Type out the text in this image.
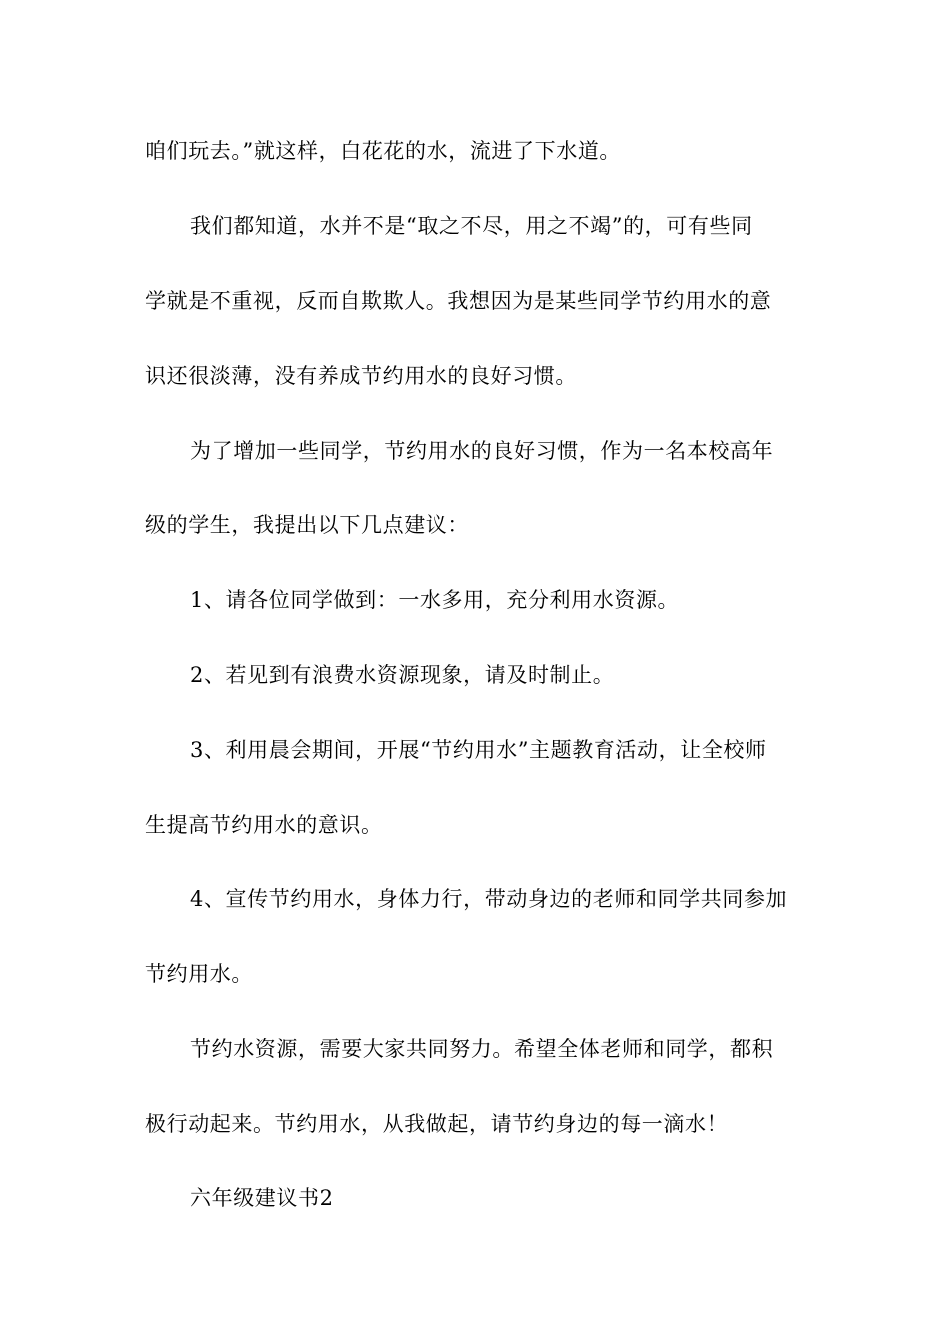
咱们玩去。”就这样，白花花的水，流进了下水道。
我们都知道，水并不是“取之不尽，用之不竭”的，可有些同
学就是不重视，反而自欺欺人。我想因为是某些同学节约用水的意
识还很淡薄，没有养成节约用水的良好习惯。
为了增加一些同学，节约用水的良好习惯，作为一名本校高年
级的学生，我提出以下几点建议：
1、请各位同学做到：一水多用，充分利用水资源。
2、若见到有浪费水资源现象，请及时制止。
3、利用晨会期间，开展“节约用水”主题教育活动，让全校师
生提高节约用水的意识。
4、宣传节约用水，身体力行，带动身边的老师和同学共同参加
节约用水。
节约水资源，需要大家共同努力。希望全体老师和同学，都积
极行动起来。节约用水，从我做起，请节约身边的每一滴水！
六年级建议书2
